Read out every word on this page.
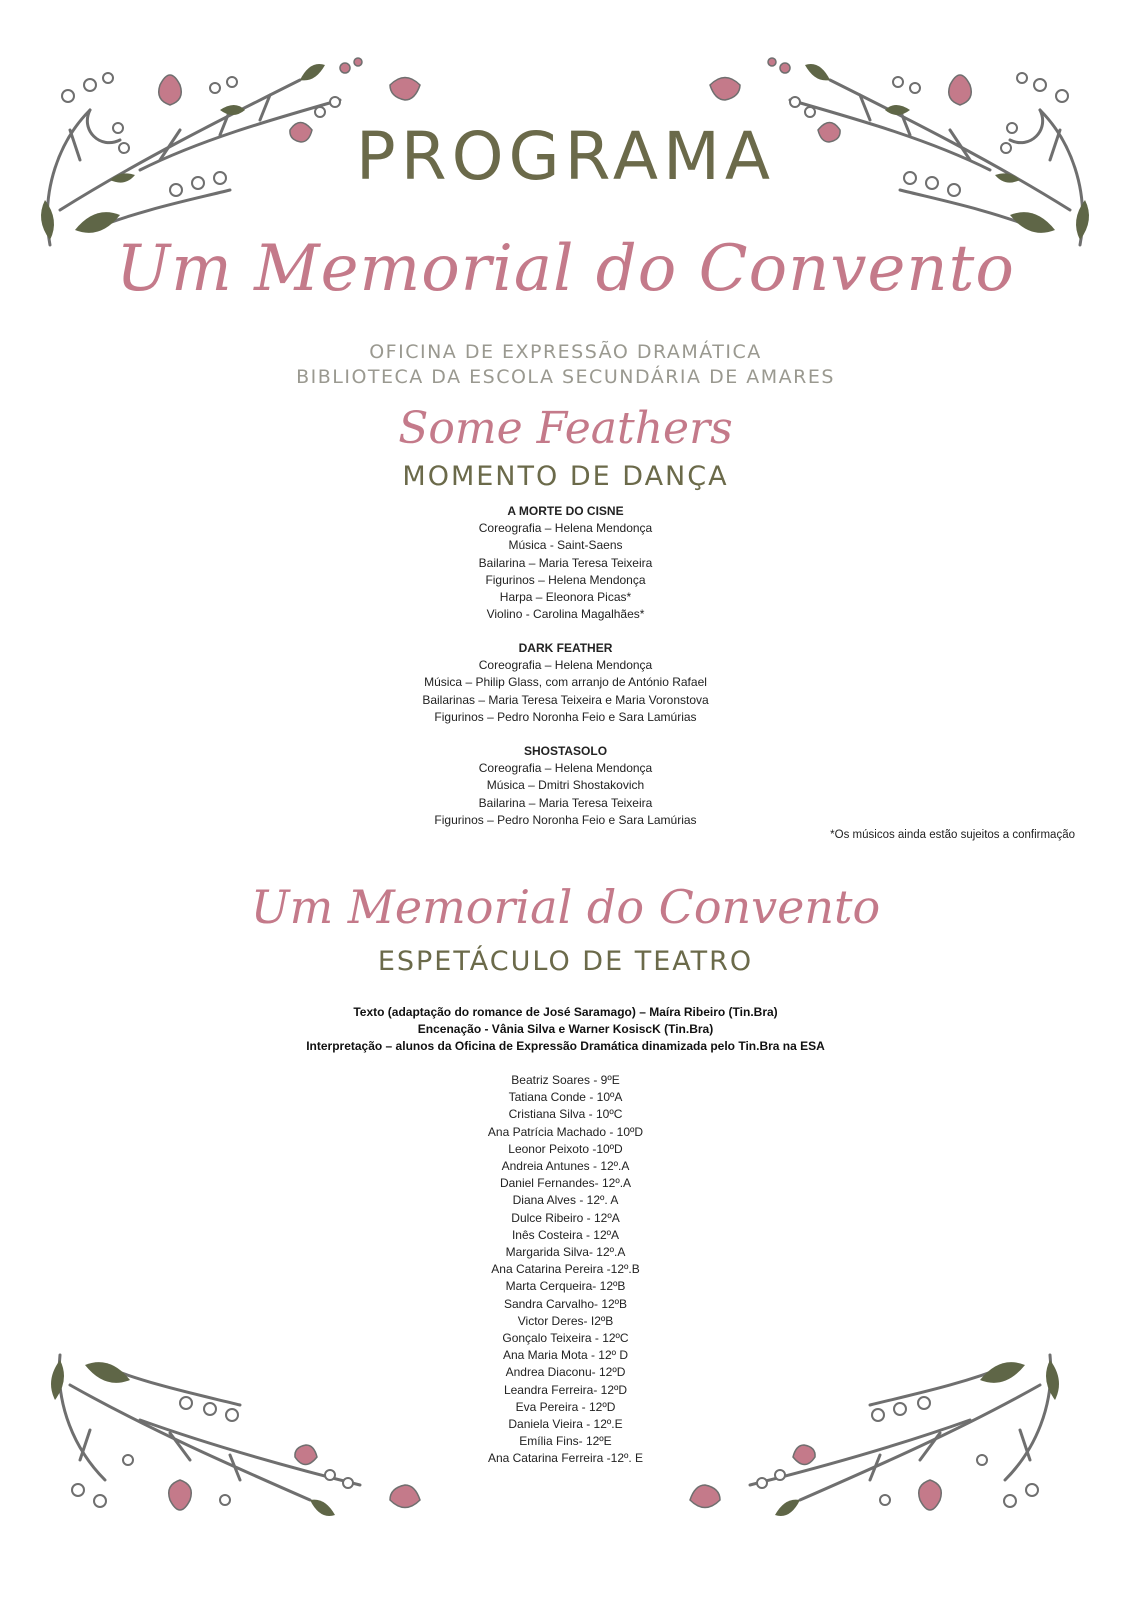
PROGRAMA
Um Memorial do Convento
OFICINA DE EXPRESSÃO DRAMÁTICA
BIBLIOTECA DA ESCOLA SECUNDÁRIA DE AMARES
Some Feathers
MOMENTO DE DANÇA
A MORTE DO CISNE
Coreografia – Helena Mendonça
Música - Saint-Saens
Bailarina – Maria Teresa Teixeira
Figurinos – Helena Mendonça
Harpa – Eleonora Picas*
Violino - Carolina Magalhães*
DARK FEATHER
Coreografia – Helena Mendonça
Música – Philip Glass, com arranjo de António Rafael
Bailarinas – Maria Teresa Teixeira e Maria Voronstova
Figurinos – Pedro Noronha Feio e Sara Lamúrias
SHOSTASOLO
Coreografia – Helena Mendonça
Música – Dmitri Shostakovich
Bailarina – Maria Teresa Teixeira
Figurinos – Pedro Noronha Feio e Sara Lamúrias
*Os músicos ainda estão sujeitos a confirmação
Um Memorial do Convento
ESPETÁCULO DE TEATRO
Texto (adaptação do romance de José Saramago) – Maíra Ribeiro (Tin.Bra)
Encenação - Vânia Silva e Warner KosiscK (Tin.Bra)
Interpretação – alunos da Oficina de Expressão Dramática dinamizada pelo Tin.Bra na ESA
Beatriz Soares - 9ºE
Tatiana Conde - 10ºA
Cristiana Silva - 10ºC
Ana Patrícia Machado - 10ºD
Leonor Peixoto -10ºD
Andreia Antunes - 12º.A
Daniel Fernandes- 12º.A
Diana Alves - 12º. A
Dulce Ribeiro - 12ºA
Inês Costeira - 12ºA
Margarida Silva- 12º.A
Ana Catarina Pereira -12º.B
Marta Cerqueira- 12ºB
Sandra Carvalho- 12ºB
Victor Deres- I2ºB
Gonçalo Teixeira - 12ºC
Ana Maria Mota - 12º D
Andrea Diaconu- 12ºD
Leandra Ferreira- 12ºD
Eva Pereira - 12ºD
Daniela Vieira - 12º.E
Emília Fins- 12ºE
Ana Catarina Ferreira -12º. E
